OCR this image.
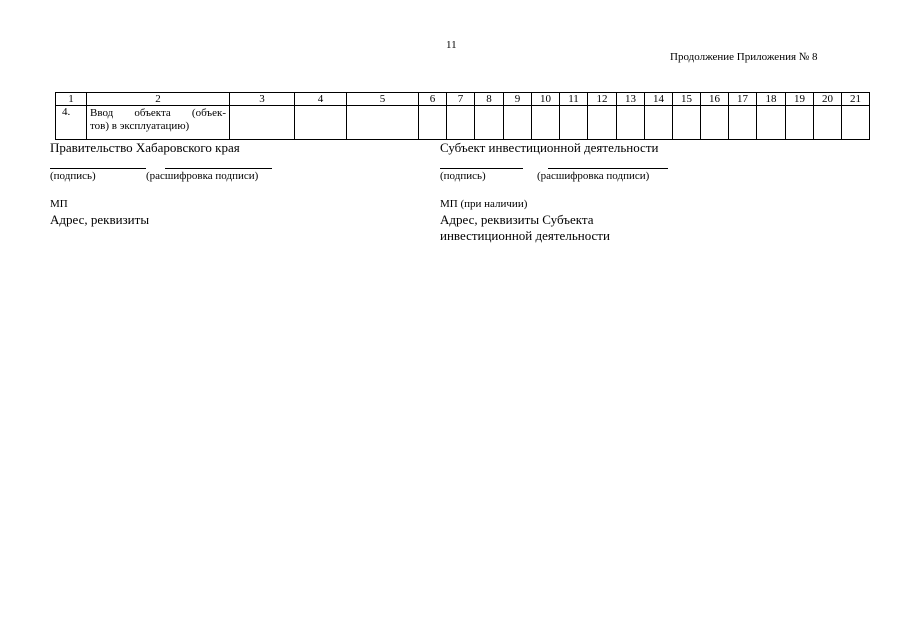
11
Продолжение Приложения № 8
1	2	3	4	5	6	7	8	9	10	11	12	13	14	15	16	17	18	19	20	21
4.	Ввод объекта (объек-
тов) в эксплуатацию)																			

Правительство Хабаровского края
(подпись)	(расшифровка подписи)
МП
Адрес, реквизиты
Субъект инвестиционной деятельности
(подпись)	(расшифровка подписи)
МП (при наличии)
Адрес, реквизиты Субъекта
инвестиционной деятельности
